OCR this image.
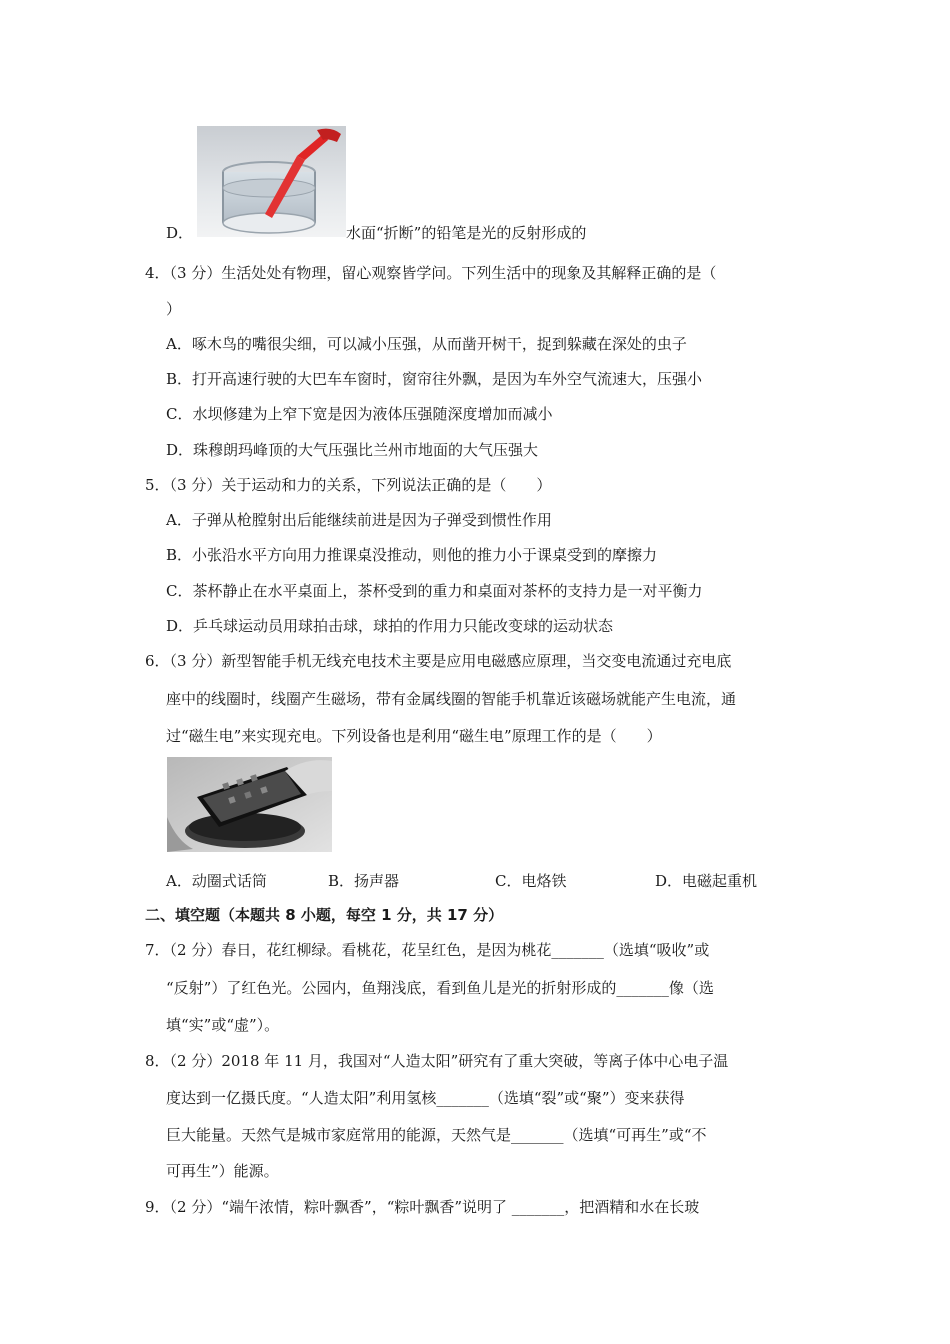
D．	水面“折断”的铅笔是光的反射形成的
4．（3 分）生活处处有物理，留心观察皆学问。下列生活中的现象及其解释正确的是（
）
A．啄木鸟的嘴很尖细，可以减小压强，从而凿开树干，捉到躲藏在深处的虫子
B．打开高速行驶的大巴车车窗时，窗帘往外飘，是因为车外空气流速大，压强小
C．水坝修建为上窄下宽是因为液体压强随深度增加而减小
D．珠穆朗玛峰顶的大气压强比兰州市地面的大气压强大
5．（3 分）关于运动和力的关系，下列说法正确的是（　　）
A．子弹从枪膛射出后能继续前进是因为子弹受到惯性作用
B．小张沿水平方向用力推课桌没推动，则他的推力小于课桌受到的摩擦力
C．茶杯静止在水平桌面上，茶杯受到的重力和桌面对茶杯的支持力是一对平衡力
D．乒乓球运动员用球拍击球，球拍的作用力只能改变球的运动状态
6．（3 分）新型智能手机无线充电技术主要是应用电磁感应原理，当交变电流通过充电底
座中的线圈时，线圈产生磁场，带有金属线圈的智能手机靠近该磁场就能产生电流，通
过“磁生电”来实现充电。下列设备也是利用“磁生电”原理工作的是（　　）
A．动圈式话筒	B．扬声器	C．电烙铁	D．电磁起重机
二、填空题（本题共 8 小题，每空 1 分，共 17 分）
7．（2 分）春日，花红柳绿。看桃花，花呈红色，是因为桃花_______（选填“吸收”或
“反射”）了红色光。公园内，鱼翔浅底，看到鱼儿是光的折射形成的_______像（选
填“实”或“虚”）。
8．（2 分）2018 年 11 月，我国对“人造太阳”研究有了重大突破，等离子体中心电子温
度达到一亿摄氏度。“人造太阳”利用氢核_______（选填“裂”或“聚”）变来获得
巨大能量。天然气是城市家庭常用的能源，天然气是_______（选填“可再生”或“不
可再生”）能源。
9．（2 分）“端午浓情，粽叶飘香”，“粽叶飘香”说明了 _______，把酒精和水在长玻
